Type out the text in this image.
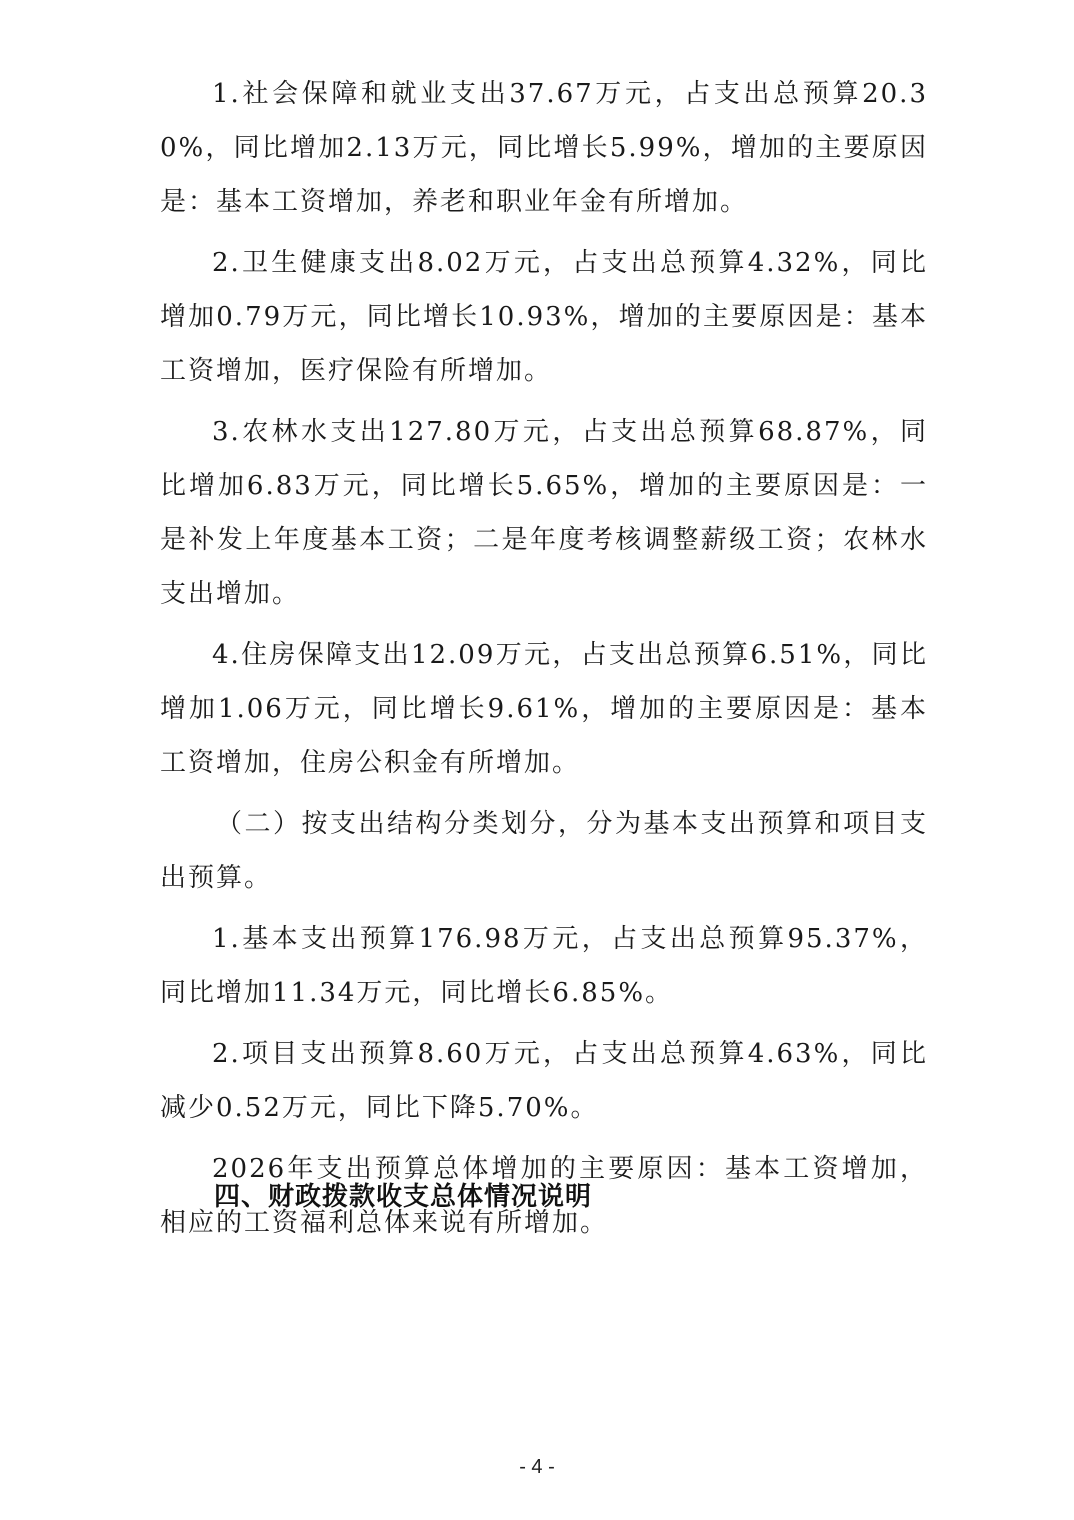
1.社会保障和就业支出37.67万元，占支出总预算20.30%，同比增加2.13万元，同比增长5.99%，增加的主要原因是：基本工资增加，养老和职业年金有所增加。

2.卫生健康支出8.02万元，占支出总预算4.32%，同比增加0.79万元，同比增长10.93%，增加的主要原因是：基本工资增加，医疗保险有所增加。

3.农林水支出127.80万元，占支出总预算68.87%，同比增加6.83万元，同比增长5.65%，增加的主要原因是：一是补发上年度基本工资；二是年度考核调整薪级工资；农林水支出增加。

4.住房保障支出12.09万元，占支出总预算6.51%，同比增加1.06万元，同比增长9.61%，增加的主要原因是：基本工资增加，住房公积金有所增加。

（二）按支出结构分类划分，分为基本支出预算和项目支出预算。

1.基本支出预算176.98万元，占支出总预算95.37%，同比增加11.34万元，同比增长6.85%。

2.项目支出预算8.60万元，占支出总预算4.63%，同比减少0.52万元，同比下降5.70%。

2026年支出预算总体增加的主要原因：基本工资增加，相应的工资福利总体来说有所增加。

四、财政拨款收支总体情况说明
- 4 -
